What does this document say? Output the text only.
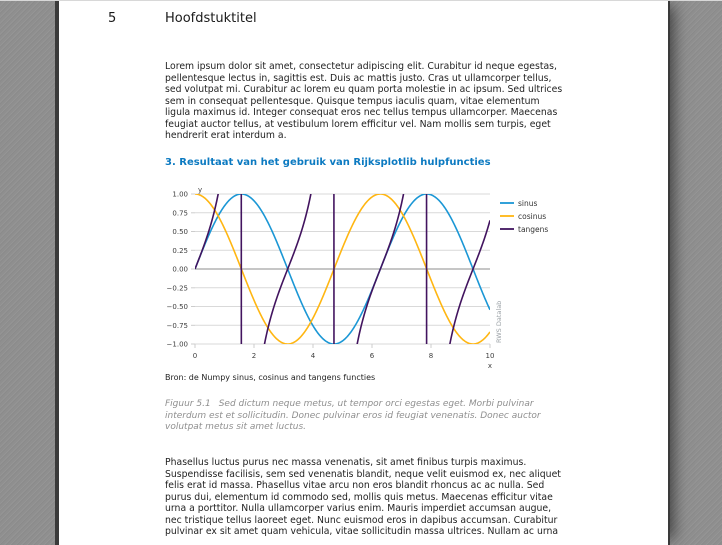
5	Hoofdstuktitel
Lorem ipsum dolor sit amet, consectetur adipiscing elit. Curabitur id neque egestas, pellentesque lectus in, sagittis est. Duis ac mattis justo. Cras ut ullamcorper tellus, sed volutpat mi. Curabitur ac lorem eu quam porta molestie in ac ipsum. Sed ultrices sem in consequat pellentesque. Quisque tempus iaculis quam, vitae elementum ligula maximus id. Integer consequat eros nec tellus tempus ullamcorper. Maecenas feugiat auctor tellus, at vestibulum lorem efficitur vel. Nam mollis sem turpis, eget hendrerit erat interdum a.
3. Resultaat van het gebruik van Rijksplotlib hulpfuncties
1.00
0.75
0.50
0.25
0.00
−0.25
−0.50
−0.75
−1.00
0	2	4	6	8	10
y
x
RWS Datalab
sinus
cosinus
tangens
Bron: de Numpy sinus, cosinus and tangens functies
Figuur 5.1 Sed dictum neque metus, ut tempor orci egestas eget. Morbi pulvinar interdum est et sollicitudin. Donec pulvinar eros id feugiat venenatis. Donec auctor volutpat metus sit amet luctus.
Phasellus luctus purus nec massa venenatis, sit amet finibus turpis maximus. Suspendisse facilisis, sem sed venenatis blandit, neque velit euismod ex, nec aliquet felis erat id massa. Phasellus vitae arcu non eros blandit rhoncus ac ac nulla. Sed purus dui, elementum id commodo sed, mollis quis metus. Maecenas efficitur vitae urna a porttitor. Nulla ullamcorper varius enim. Mauris imperdiet accumsan augue, nec tristique tellus laoreet eget. Nunc euismod eros in dapibus accumsan. Curabitur pulvinar ex sit amet quam vehicula, vitae sollicitudin massa ultrices. Nullam ac urna
